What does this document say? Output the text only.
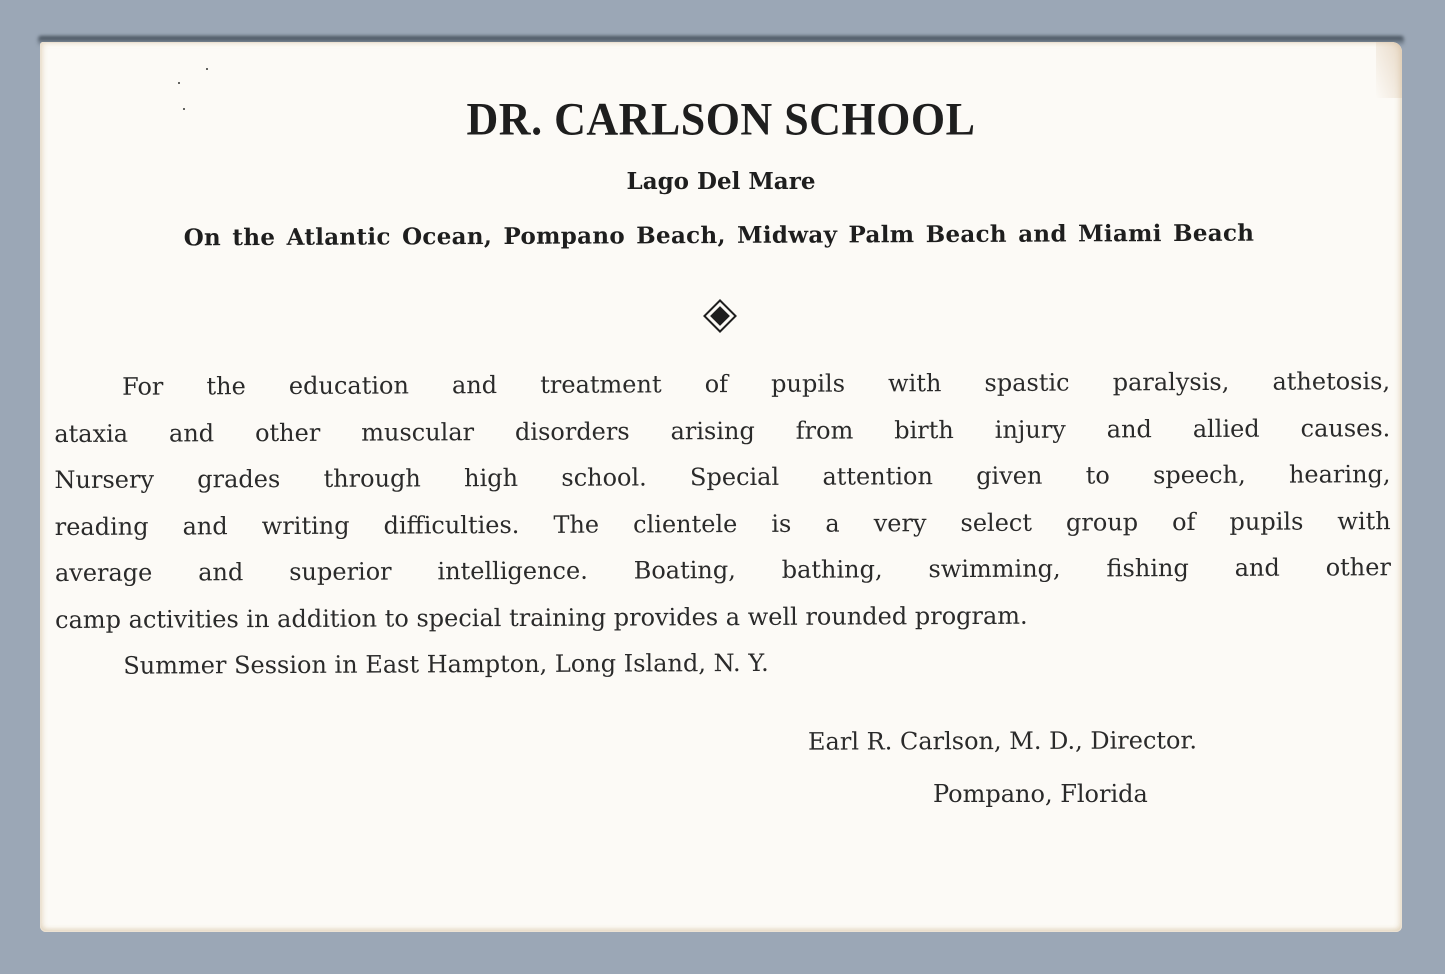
DR. CARLSON SCHOOL
Lago Del Mare

On the Atlantic Ocean, Pompano Beach, Midway Palm Beach and Miami Beach

For the education and treatment of pupils with spastic paralysis, athetosis,
ataxia and other muscular disorders arising from birth injury and allied causes.
Nursery grades through high school. Special attention given to speech, hearing,
reading and writing difficulties. The clientele is a very select group of pupils with
average and superior intelligence. Boating, bathing, swimming, fishing and other
camp activities in addition to special training provides a well rounded program.
Summer Session in East Hampton, Long Island, N. Y.

Earl R. Carlson, M. D., Director.

Pompano, Florida
